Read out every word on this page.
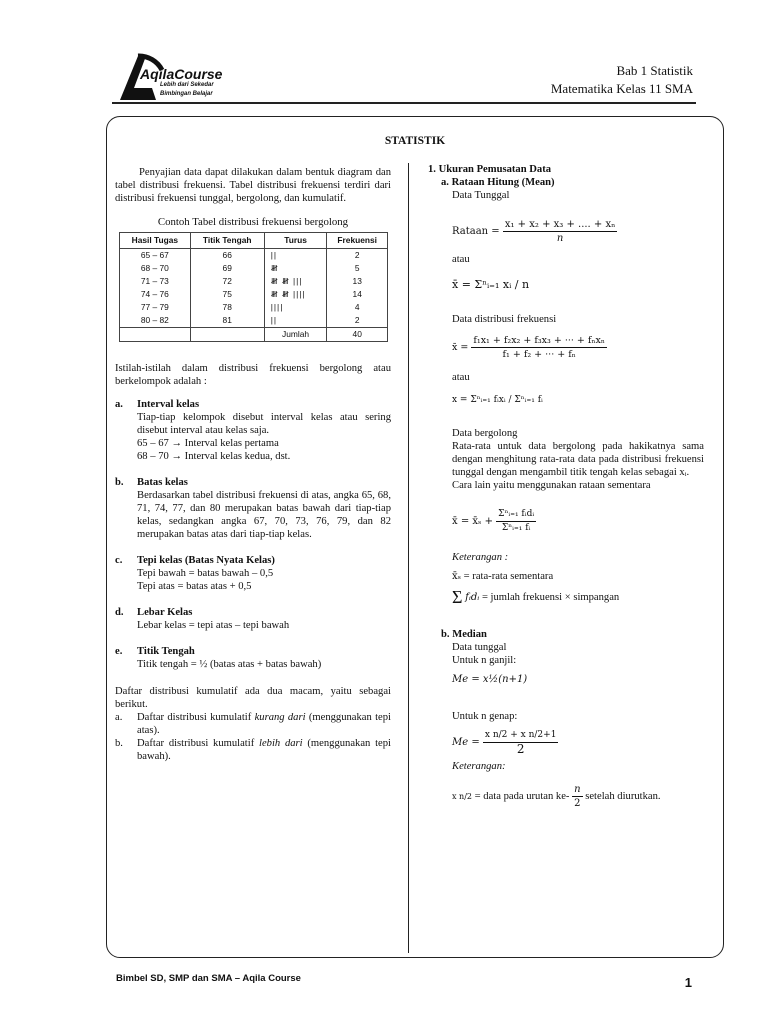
AqilaCourse
Lebih dari Sekedar
Bimbingan Belajar
Bab 1 Statistik
Matematika Kelas 11 SMA
STATISTIK

Penyajian data dapat dilakukan dalam bentuk diagram dan tabel distribusi frekuensi. Tabel distribusi frekuensi terdiri dari distribusi frekuensi tunggal, bergolong, dan kumulatif.

Contoh Tabel distribusi frekuensi bergolong

Hasil Tugas	Titik Tengah	Turus	Frekuensi
65 – 67	66	||	2
68 – 70	69	𝍸	5
71 – 73	72	𝍸 𝍸 |||	13
74 – 76	75	𝍸 𝍸 ||||	14
77 – 79	78	||||	4
80 – 82	81	||	2
		Jumlah	40

Istilah-istilah dalam distribusi frekuensi bergolong atau berkelompok adalah :

a. Interval kelas
Tiap-tiap kelompok disebut interval kelas atau sering disebut interval atau kelas saja.
65 – 67 → Interval kelas pertama
68 – 70 → Interval kelas kedua, dst.
b. Batas kelas
Berdasarkan tabel distribusi frekuensi di atas, angka 65, 68, 71, 74, 77, dan 80 merupakan batas bawah dari tiap-tiap kelas, sedangkan angka 67, 70, 73, 76, 79, dan 82 merupakan batas atas dari tiap-tiap kelas.
c. Tepi kelas (Batas Nyata Kelas)
Tepi bawah = batas bawah – 0,5
Tepi atas = batas atas + 0,5
d. Lebar Kelas
Lebar kelas = tepi atas – tepi bawah
e. Titik Tengah
Titik tengah = ½ (batas atas + batas bawah)

Daftar distribusi kumulatif ada dua macam, yaitu sebagai berikut.

a.	Daftar distribusi kumulatif kurang dari (menggunakan tepi atas).
b.	Daftar distribusi kumulatif lebih dari (menggunakan tepi bawah).

1. Ukuran Pemusatan Data

a. Rataan Hitung (Mean)

Data Tunggal

Rataan = $\frac{\text{x₁ + x₂ + x₃ + .... + xₙ}}{n}$

atau

x̄ = Σⁿᵢ₌₁ xᵢ / n

Data distribusi frekuensi

x̄ = $\frac{\text{f₁x₁ + f₂x₂ + f₃x₃ + ··· + fₙxₙ}}{\text{f₁ + f₂ + ··· + fₙ}}$

atau

x = Σⁿᵢ₌₁ fᵢxᵢ / Σⁿᵢ₌₁ fᵢ

Data bergolong

Rata-rata untuk data bergolong pada hakikatnya sama dengan menghitung rata-rata data pada distribusi frekuensi tunggal dengan mengambil titik tengah kelas sebagai xᵢ.

Cara lain yaitu menggunakan rataan sementara

x̄ = x̄ₛ + $\frac{\text{Σⁿᵢ₌₁ fᵢdᵢ}}{\text{Σⁿᵢ₌₁ fᵢ}}$

Keterangan :

x̄ₛ = rata-rata sementara
Σ fᵢdᵢ = jumlah frekuensi × simpangan

b. Median

Data tunggal

Untuk n ganjil:

Me = x½(n+1)

Untuk n genap:

$Me = \frac{\text{x n/2 + x n/2+1}}{2}$

Keterangan:

x n/2 = data pada urutan $ke- \frac{n}{2}$ setelah diurutkan.
Bimbel SD, SMP dan SMA – Aqila Course	1
